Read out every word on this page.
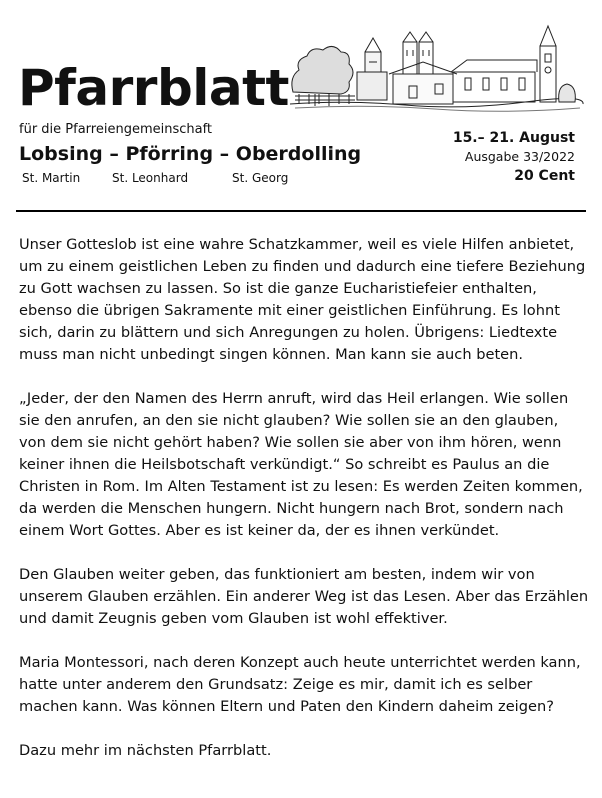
Pfarrblatt
für die Pfarreiengemeinschaft
Lobsing – Pförring – Oberdolling
St. Martin	St. Leonhard	St. Georg
15.– 21. August
Ausgabe 33/2022
20 Cent

Unser Gotteslob ist eine wahre Schatzkammer, weil es viele Hilfen anbietet, um zu einem geistlichen Leben zu finden und dadurch eine tiefere Beziehung zu Gott wachsen zu lassen. So ist die ganze Eucharistiefeier enthalten, ebenso die übrigen Sakramente mit einer geistlichen Einführung. Es lohnt sich, darin zu blättern und sich Anregungen zu holen. Übrigens: Liedtexte muss man nicht unbedingt singen können. Man kann sie auch beten.

„Jeder, der den Namen des Herrn anruft, wird das Heil erlangen. Wie sollen sie den anrufen, an den sie nicht glauben? Wie sollen sie an den glauben, von dem sie nicht gehört haben? Wie sollen sie aber von ihm hören, wenn keiner ihnen die Heilsbotschaft verkündigt.“ So schreibt es Paulus an die Christen in Rom. Im Alten Testament ist zu lesen: Es werden Zeiten kommen, da werden die Menschen hungern. Nicht hungern nach Brot, sondern nach einem Wort Gottes. Aber es ist keiner da, der es ihnen verkündet.

Den Glauben weiter geben, das funktioniert am besten, indem wir von unserem Glauben erzählen. Ein anderer Weg ist das Lesen. Aber das Erzählen und damit Zeugnis geben vom Glauben ist wohl effektiver.

Maria Montessori, nach deren Konzept auch heute unterrichtet werden kann, hatte unter anderem den Grundsatz: Zeige es mir, damit ich es selber machen kann. Was können Eltern und Paten den Kindern daheim zeigen?

Dazu mehr im nächsten Pfarrblatt.
